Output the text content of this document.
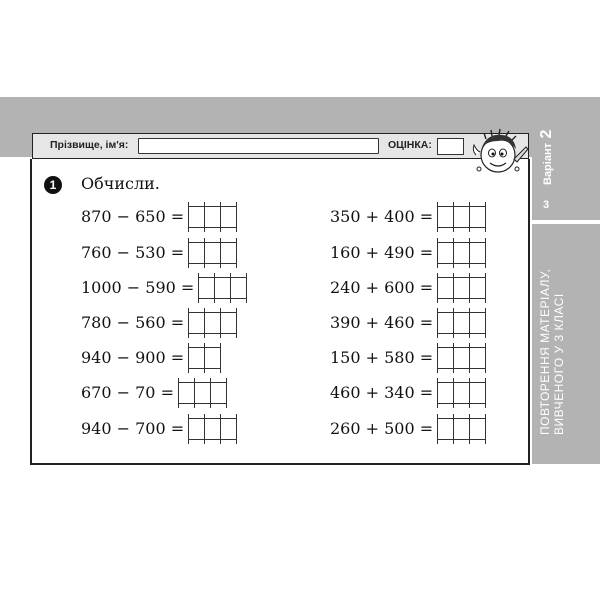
Прізвище, ім'я:	ОЦІНКА:
1	Обчисли.
870 − 650 =
760 − 530 =
1000 − 590 =
780 − 560 =
940 − 900 =
670 − 70 =
940 − 700 =
350 + 400 =
160 + 490 =
240 + 600 =
390 + 460 =
150 + 580 =
460 + 340 =
260 + 500 =
Варіант 2
3
ПОВТОРЕННЯ МАТЕРІАЛУ, ВИВЧЕНОГО У 3 КЛАСІ
